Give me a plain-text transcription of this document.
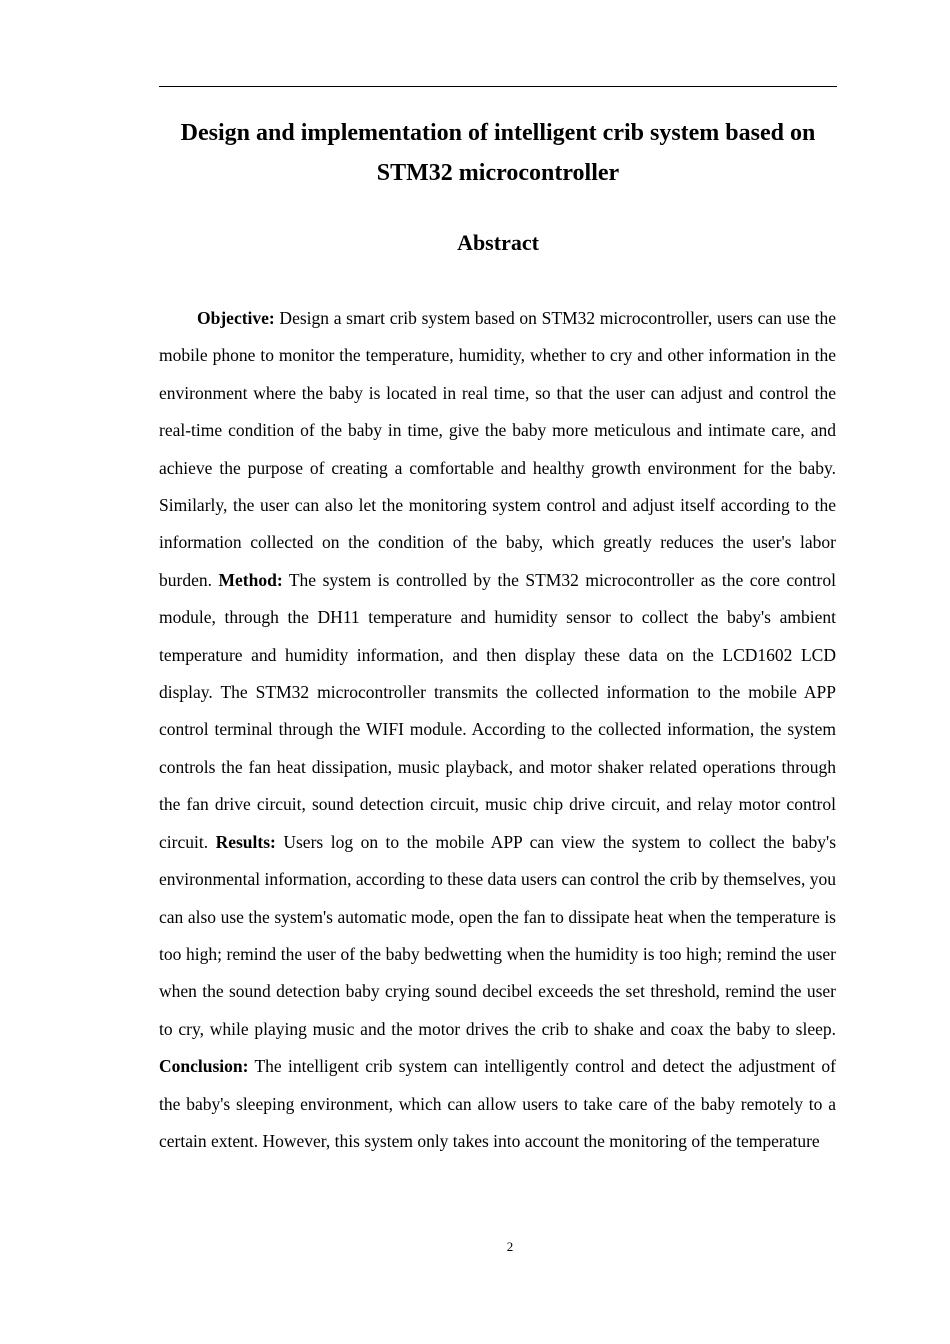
Design and implementation of intelligent crib system based on STM32 microcontroller
Abstract

Objective: Design a smart crib system based on STM32 microcontroller, users can use the mobile phone to monitor the temperature, humidity, whether to cry and other information in the environment where the baby is located in real time, so that the user can adjust and control the real-time condition of the baby in time, give the baby more meticulous and intimate care, and achieve the purpose of creating a comfortable and healthy growth environment for the baby. Similarly, the user can also let the monitoring system control and adjust itself according to the information collected on the condition of the baby, which greatly reduces the user's labor burden. Method: The system is controlled by the STM32 microcontroller as the core control module, through the DH11 temperature and humidity sensor to collect the baby's ambient temperature and humidity information, and then display these data on the LCD1602 LCD display. The STM32 microcontroller transmits the collected information to the mobile APP control terminal through the WIFI module. According to the collected information, the system controls the fan heat dissipation, music playback, and motor shaker related operations through the fan drive circuit, sound detection circuit, music chip drive circuit, and relay motor control circuit. Results: Users log on to the mobile APP can view the system to collect the baby's environmental information, according to these data users can control the crib by themselves, you can also use the system's automatic mode, open the fan to dissipate heat when the temperature is too high; remind the user of the baby bedwetting when the humidity is too high; remind the user when the sound detection baby crying sound decibel exceeds the set threshold, remind the user to cry, while playing music and the motor drives the crib to shake and coax the baby to sleep. Conclusion: The intelligent crib system can intelligently control and detect the adjustment of the baby's sleeping environment, which can allow users to take care of the baby remotely to a certain extent. However, this system only takes into account the monitoring of the temperature

2
